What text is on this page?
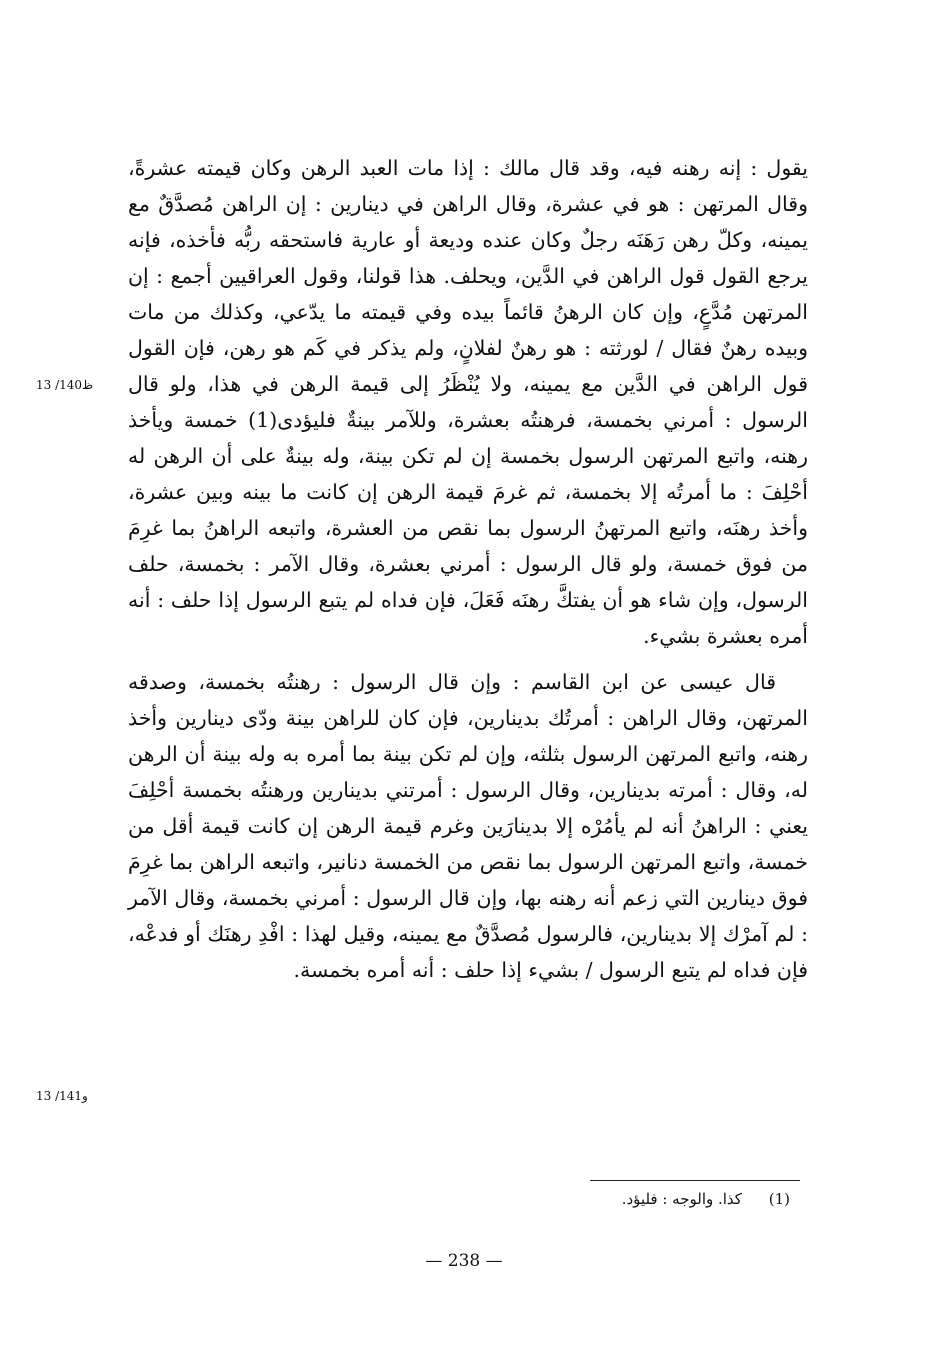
يقول : إنه رهنه فيه، وقد قال مالك : إذا مات العبد الرهن وكان قيمته عشرةً، وقال المرتهن : هو في عشرة، وقال الراهن في دينارين : إن الراهن مُصدَّقٌ مع يمينه، وكلّ رهن رَهَنَه رجلٌ وكان عنده وديعة أو عارية فاستحقه ربُّه فأخذه، فإنه يرجع القول قول الراهن في الدَّين، ويحلف. هذا قولنا، وقول العراقيين أجمع : إن المرتهن مُدَّعٍ، وإن كان الرهنُ قائماً بيده وفي قيمته ما يدّعي، وكذلك من مات وبيده رهنٌ فقال / لورثته : هو رهنٌ لفلانٍ، ولم يذكر في كَم هو رهن، فإن القول قول الراهن في الدَّين مع يمينه، ولا يُنْظَرُ إلى قيمة الرهن في هذا، ولو قال الرسول : أمرني بخمسة، فرهنتُه بعشرة، وللآمر بينةٌ فليؤدى(1) خمسة ويأخذ رهنه، واتبع المرتهن الرسول بخمسة إن لم تكن بينة، وله بينةٌ على أن الرهن له أحْلِفَ : ما أمرتُه إلا بخمسة، ثم غرمَ قيمة الرهن إن كانت ما بينه وبين عشرة، وأخذ رهنَه، واتبع المرتهنُ الرسول بما نقص من العشرة، واتبعه الراهنُ بما غرِمَ من فوق خمسة، ولو قال الرسول : أمرني بعشرة، وقال الآمر : بخمسة، حلف الرسول، وإن شاء هو أن يفتكَّ رهنَه فَعَلَ، فإن فداه لم يتبع الرسول إذا حلف : أنه أمره بعشرة بشيء.

قال عيسى عن ابن القاسم : وإن قال الرسول : رهنتُه بخمسة، وصدقه المرتهن، وقال الراهن : أمرتُك بدينارين، فإن كان للراهن بينة ودّى دينارين وأخذ رهنه، واتبع المرتهن الرسول بثلثه، وإن لم تكن بينة بما أمره به وله بينة أن الرهن له، وقال : أمرته بدينارين، وقال الرسول : أمرتني بدينارين ورهنتُه بخمسة أحْلِفَ يعني : الراهنُ أنه لم يأمُرْه إلا بدينارَين وغرم قيمة الرهن إن كانت قيمة أقل من خمسة، واتبع المرتهن الرسول بما نقص من الخمسة دنانير، واتبعه الراهن بما غرِمَ فوق دينارين التي زعم أنه رهنه بها، وإن قال الرسول : أمرني بخمسة، وقال الآمر : لم آمرْك إلا بدينارين، فالرسول مُصدَّقٌ مع يمينه، وقيل لهذا : افْدِ رهنَك أو فدعْه، فإن فداه لم يتبع الرسول / بشيء إذا حلف : أنه أمره بخمسة.

13 /140ظ
13 /141و
(1) كذا. والوجه : فليؤد.
— 238 —
